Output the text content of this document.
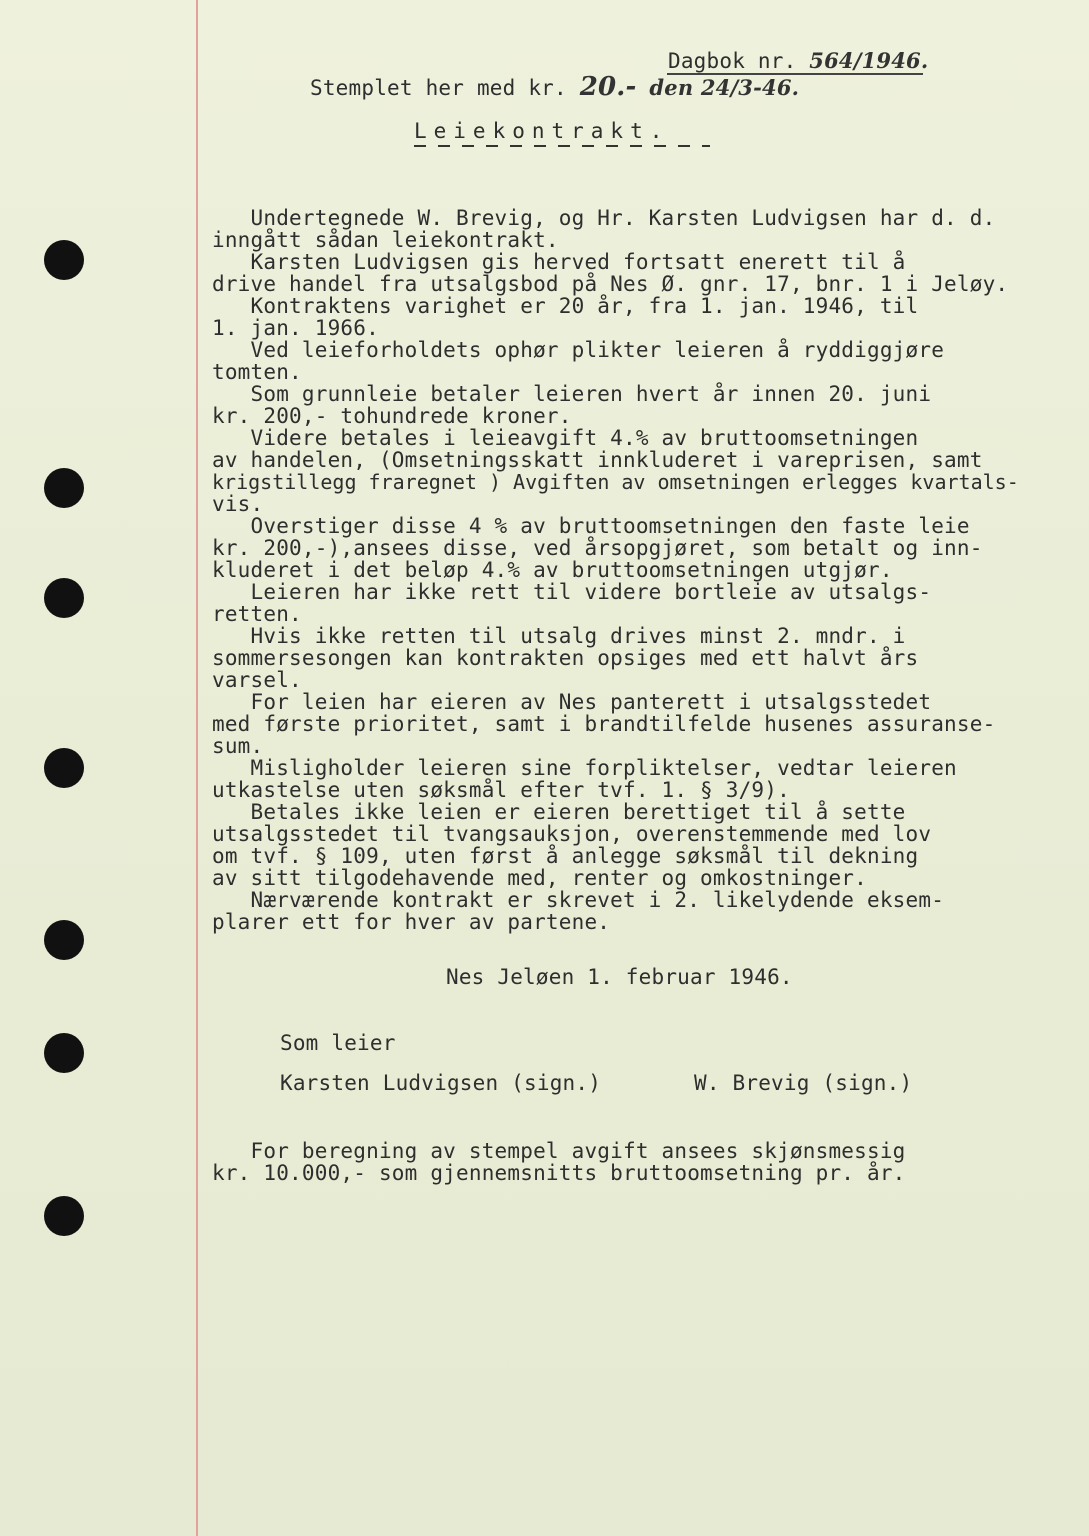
Dagbok nr. 564/1946.
Stemplet her med kr. 20.- den 24/3-46.
Leiekontrakt.
Undertegnede W. Brevig, og Hr. Karsten Ludvigsen har d. d.
inngått sådan leiekontrakt.
Karsten Ludvigsen gis herved fortsatt enerett til å
drive handel fra utsalgsbod på Nes Ø. gnr. 17, bnr. 1 i Jeløy.
Kontraktens varighet er 20 år, fra 1. jan. 1946, til
1. jan. 1966.
Ved leieforholdets ophør plikter leieren å ryddiggjøre
tomten.
Som grunnleie betaler leieren hvert år innen 20. juni
kr. 200,- tohundrede kroner.
Videre betales i leieavgift 4.% av bruttoomsetningen
av handelen, (Omsetningsskatt innkluderet i vareprisen, samt
krigstillegg fraregnet ) Avgiften av omsetningen erlegges kvartals-
vis.
Overstiger disse 4 % av bruttoomsetningen den faste leie
kr. 200,-),ansees disse, ved årsopgjøret, som betalt og inn-
kluderet i det beløp 4.% av bruttoomsetningen utgjør.
Leieren har ikke rett til videre bortleie av utsalgs-
retten.
Hvis ikke retten til utsalg drives minst 2. mndr. i
sommersesongen kan kontrakten opsiges med ett halvt års
varsel.
For leien har eieren av Nes panterett i utsalgsstedet
med første prioritet, samt i brandtilfelde husenes assuranse-
sum.
Misligholder leieren sine forpliktelser, vedtar leieren
utkastelse uten søksmål efter tvf. 1. § 3/9).
Betales ikke leien er eieren berettiget til å sette
utsalgsstedet til tvangsauksjon, overenstemmende med lov
om tvf. § 109, uten først å anlegge søksmål til dekning
av sitt tilgodehavende med, renter og omkostninger.
Nærværende kontrakt er skrevet i 2. likelydende eksem-
plarer ett for hver av partene.
Nes Jeløen 1. februar 1946.
Som leier
Karsten Ludvigsen (sign.)	W. Brevig (sign.)
For beregning av stempel avgift ansees skjønsmessig
kr. 10.000,- som gjennemsnitts bruttoomsetning pr. år.
